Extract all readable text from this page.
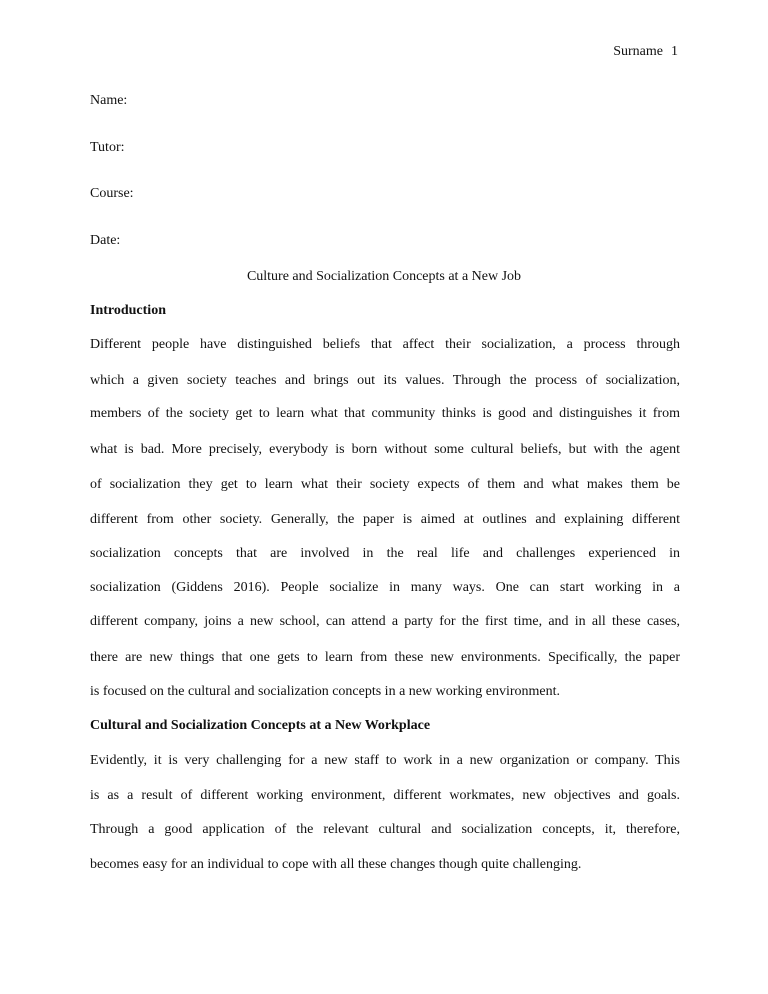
Surname 1
Name:
Tutor:
Course:
Date:
Culture and Socialization Concepts at a New Job
Introduction
Different people have distinguished beliefs that affect their socialization, a process through
which a given society teaches and brings out its values. Through the process of socialization,
members of the society get to learn what that community thinks is good and distinguishes it from
what is bad. More precisely, everybody is born without some cultural beliefs, but with the agent
of socialization they get to learn what their society expects of them and what makes them be
different from other society. Generally, the paper is aimed at outlines and explaining different
socialization concepts that are involved in the real life and challenges experienced in
socialization (Giddens 2016). People socialize in many ways. One can start working in a
different company, joins a new school, can attend a party for the first time, and in all these cases,
there are new things that one gets to learn from these new environments. Specifically, the paper
is focused on the cultural and socialization concepts in a new working environment.
Cultural and Socialization Concepts at a New Workplace
Evidently, it is very challenging for a new staff to work in a new organization or company. This
is as a result of different working environment, different workmates, new objectives and goals.
Through a good application of the relevant cultural and socialization concepts, it, therefore,
becomes easy for an individual to cope with all these changes though quite challenging.
